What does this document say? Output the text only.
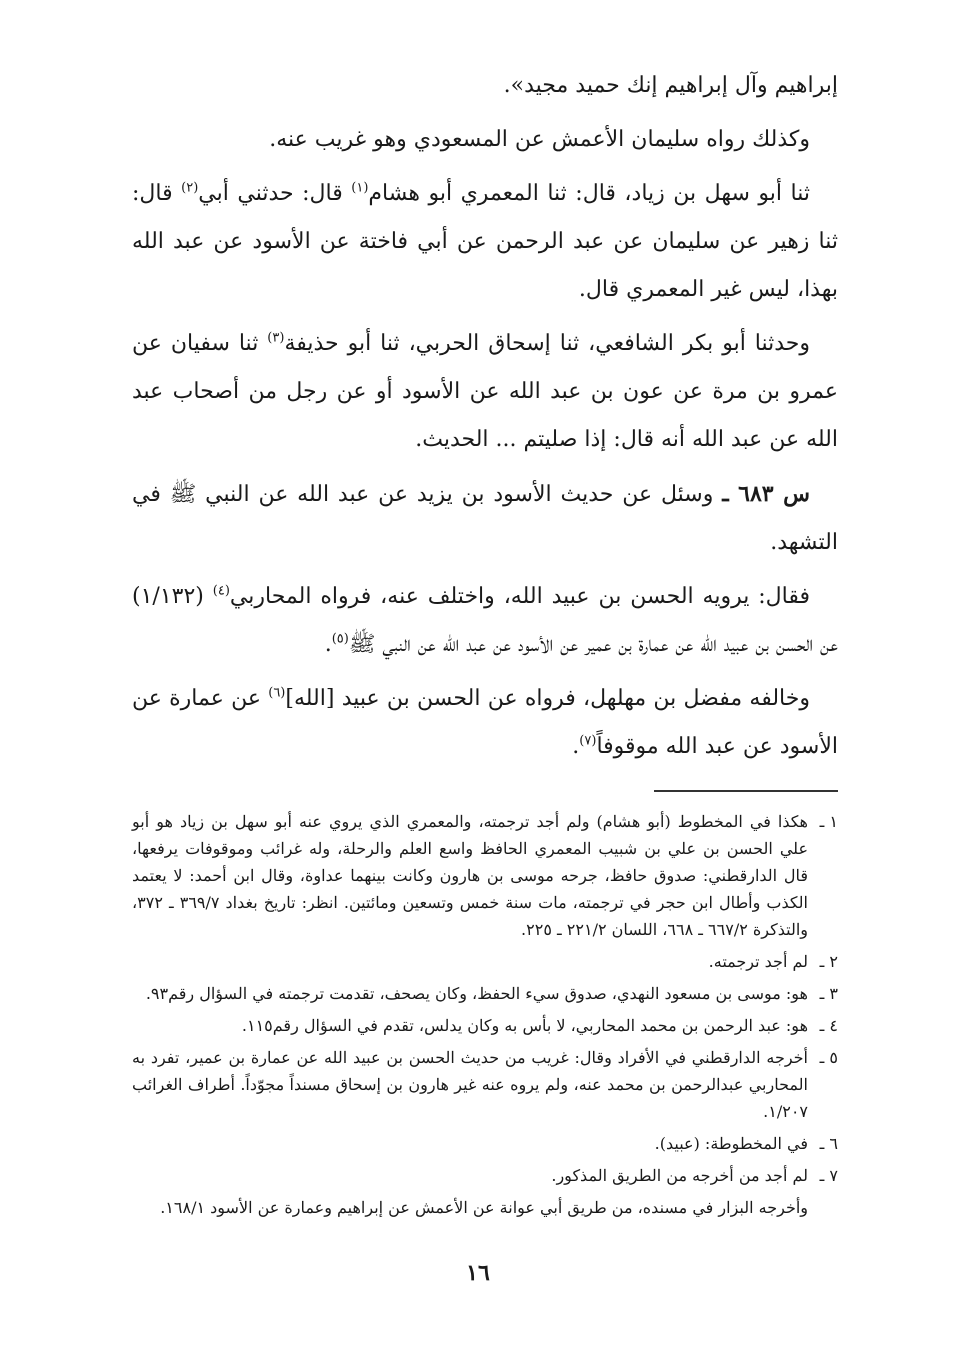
إبراهيم وآل إبراهيم إنك حميد مجيد».

وكذلك رواه سليمان الأعمش عن المسعودي وهو غريب عنه.

ثنا أبو سهل بن زياد، قال: ثنا المعمري أبو هشام$^{(١)}$ قال: حدثني أبي$^{(٢)}$ قال: ثنا زهير عن سليمان عن عبد الرحمن عن أبي فاختة عن الأسود عن عبد الله بهذا، ليس غير المعمري قال.

وحدثنا أبو بكر الشافعي، ثنا إسحاق الحربي، ثنا أبو حذيفة$^{(٣)}$ ثنا سفيان عن عمرو بن مرة عن عون بن عبد الله عن الأسود أو عن رجل من أصحاب عبد الله عن عبد الله أنه قال: إذا صليتم ... الحديث.

س ٦٨٣ ـ وسئل عن حديث الأسود بن يزيد عن عبد الله عن النبي ﷺ في التشهد.

فقال: يرويه الحسن بن عبيد الله، واختلف عنه، فرواه المحاربي$^{(٤)}$ (١/١٣٢) عن الحسن بن عبيد الله عن عمارة بن عمير عن الأسود عن عبد الله عن النبي ﷺ$^{(٥)}$.

وخالفه مفضل بن مهلهل، فرواه عن الحسن بن عبيد [الله]$^{(٦)}$ عن عمارة عن الأسود عن عبد الله موقوفاً$^{(٧)}$.

١ ـ
هكذا في المخطوط (أبو هشام) ولم أجد ترجمته، والمعمري الذي يروي عنه أبو سهل بن زياد هو أبو علي الحسن بن علي بن شبيب المعمري الحافظ واسع العلم والرحلة، وله غرائب وموقوفات يرفعها، قال الدارقطني: صدوق حافظ، جرحه موسى بن هارون وكانت بينهما عداوة، وقال ابن أحمد: لا يعتمد الكذب وأطال ابن حجر في ترجمته، مات سنة خمس وتسعين ومائتين. انظر: تاريخ بغداد ٣٦٩/٧ ـ ٣٧٢، والتذكرة ٦٦٧/٢ ـ ٦٦٨، اللسان ٢٢١/٢ ـ ٢٢٥.
٢ ـ
لم أجد ترجمته.
٣ ـ
هو: موسى بن مسعود النهدي، صدوق سيء الحفظ، وكان يصحف، تقدمت ترجمته في السؤال رقم٩٣.
٤ ـ
هو: عبد الرحمن بن محمد المحاربي، لا بأس به وكان يدلس، تقدم في السؤال رقم١١٥.
٥ ـ
أخرجه الدارقطني في الأفراد وقال: غريب من حديث الحسن بن عبيد الله عن عمارة بن عمير، تفرد به المحاربي عبدالرحمن بن محمد عنه، ولم يروه عنه غير هارون بن إسحاق مسنداً مجوّداً. أطراف الغرائب ١/٢٠٧.
٦ ـ
في المخطوطة: (عبيد).
٧ ـ
لم أجد من أخرجه من الطريق المذكور.
وأخرجه البزار في مسنده، من طريق أبي عوانة عن الأعمش عن إبراهيم وعمارة عن الأسود ١٦٨/١.
١٦
